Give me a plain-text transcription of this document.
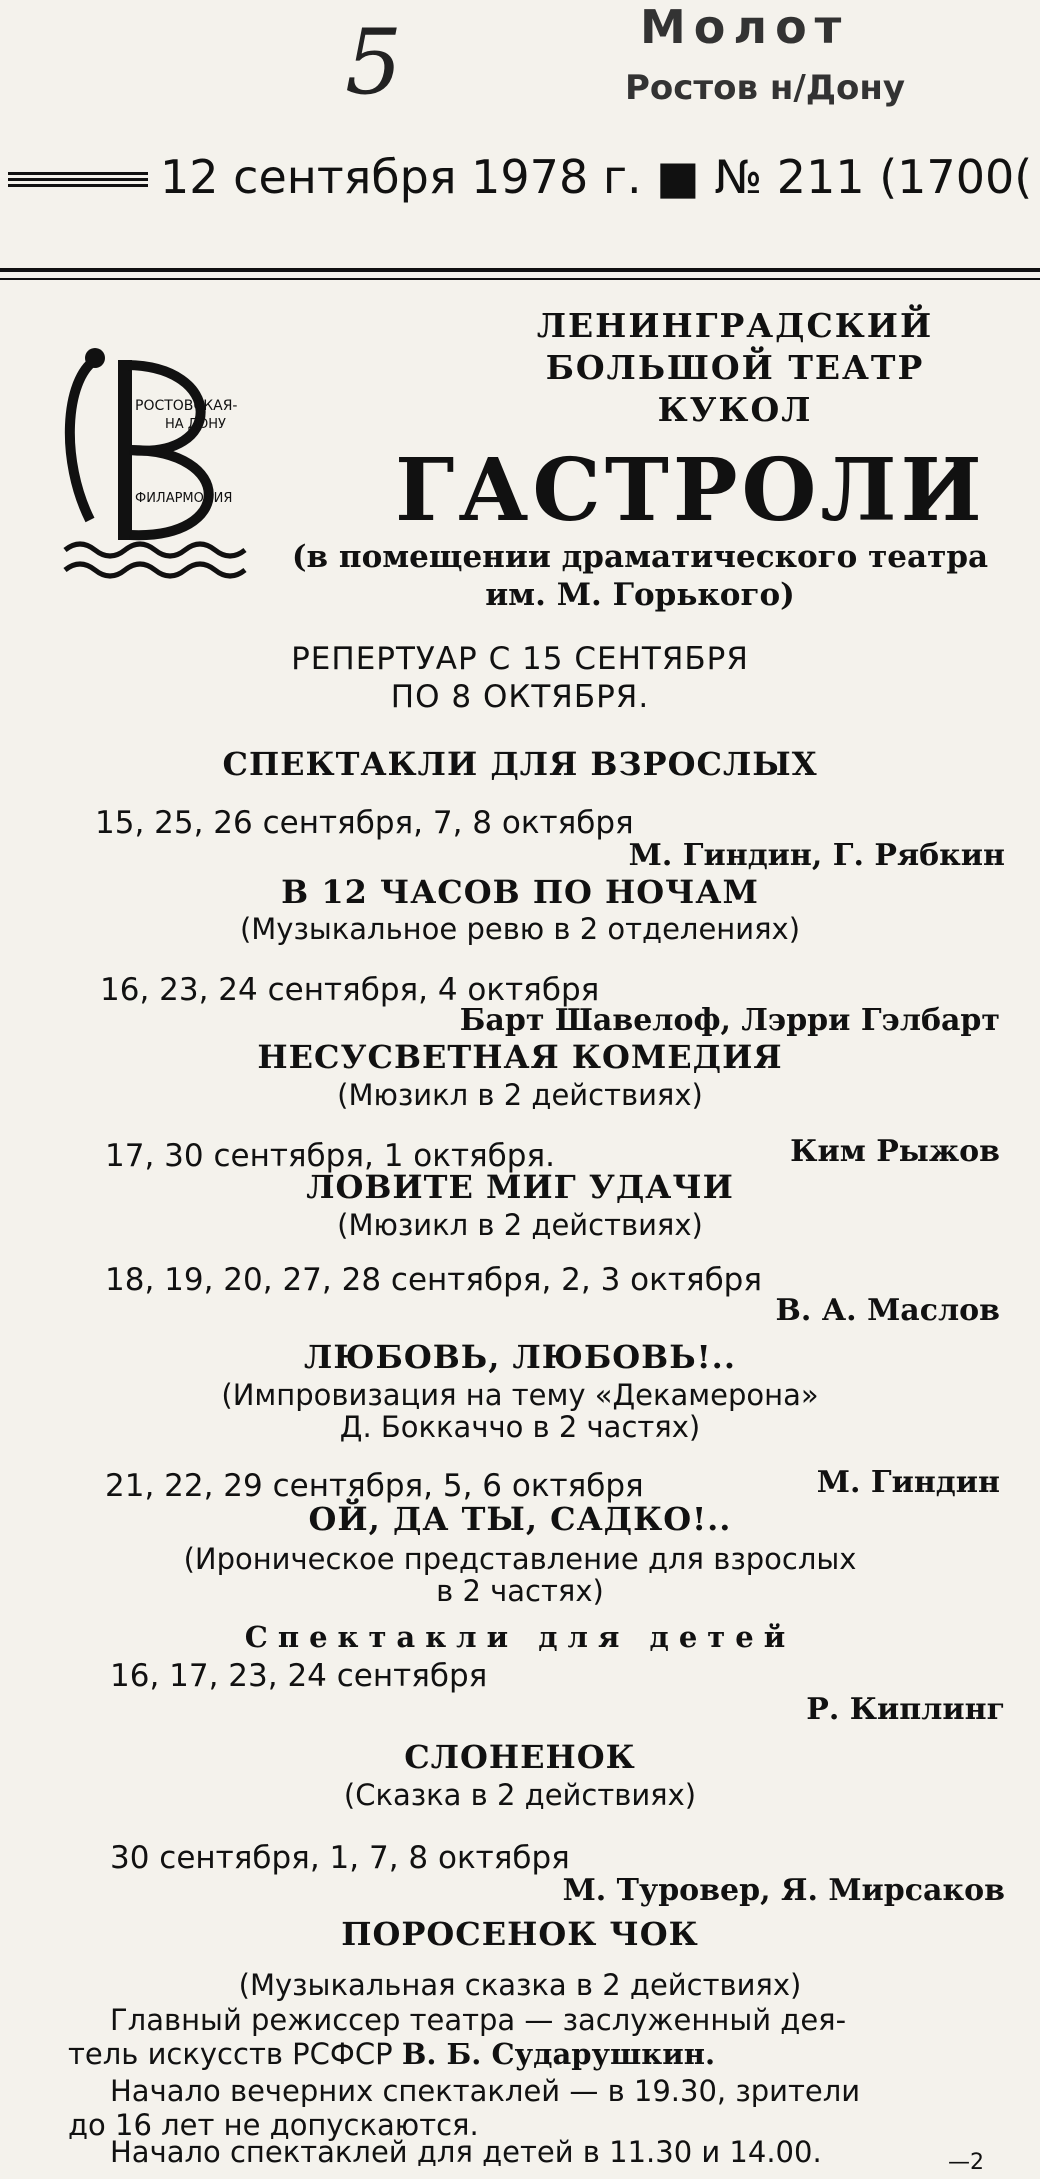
5	Молот
Ростов н/Дону
12 сентября 1978 г. ■ № 211 (1700(
РОСТОВСКАЯ-
НА ДОНУ
ФИЛАРМОНИЯ
ЛЕНИНГРАДСКИЙ
БОЛЬШОЙ ТЕАТР
КУКОЛ
ГАСТРОЛИ
(в помещении драматического театра
им. М. Горького)
РЕПЕРТУАР С 15 СЕНТЯБРЯ
ПО 8 ОКТЯБРЯ.
СПЕКТАКЛИ ДЛЯ ВЗРОСЛЫХ
15, 25, 26 сентября, 7, 8 октября
М. Гиндин, Г. Рябкин
В 12 ЧАСОВ ПО НОЧАМ
(Музыкальное ревю в 2 отделениях)
16, 23, 24 сентября, 4 октября
Барт Шавелоф, Лэрри Гэлбарт
НЕСУСВЕТНАЯ КОМЕДИЯ
(Мюзикл в 2 действиях)
17, 30 сентября, 1 октября.	Ким Рыжов
ЛОВИТЕ МИГ УДАЧИ
(Мюзикл в 2 действиях)
18, 19, 20, 27, 28 сентября, 2, 3 октября
В. А. Маслов
ЛЮБОВЬ, ЛЮБОВЬ!..
(Импровизация на тему «Декамерона»
Д. Боккаччо в 2 частях)
21, 22, 29 сентября, 5, 6 октября	М. Гиндин
ОЙ, ДА ТЫ, САДКО!..
(Ироническое представление для взрослых
в 2 частях)
Спектакли для детей
16, 17, 23, 24 сентября
Р. Киплинг
СЛОНЕНОК
(Сказка в 2 действиях)
30 сентября, 1, 7, 8 октября
М. Туровер, Я. Мирсаков
ПОРОСЕНОК ЧОК
(Музыкальная сказка в 2 действиях)
Главный режиссер театра — заслуженный дея-
тель искусств РСФСР В. Б. Сударушкин.
Начало вечерних спектаклей — в 19.30, зрители
до 16 лет не допускаются.
Начало спектаклей для детей в 11.30 и 14.00.	—2
